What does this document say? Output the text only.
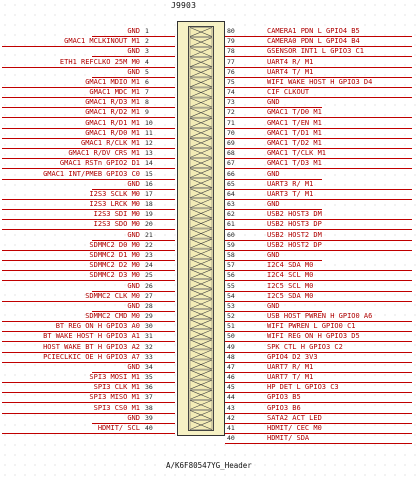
J9903
GND 1
GMAC1 MCLKINOUT M1 2
GND 3
ETH1 REFCLKO 25M M0 4
GND 5
GMAC1 MDIO M1 6
GMAC1 MDC M1 7
GMAC1 R/D3 M1 8
GMAC1 R/D2 M1 9
GMAC1 R/D1 M1 10
GMAC1 R/D0 M1 11
GMAC1 R/CLK M1 12
GMAC1 R/DV CRS M1 13
GMAC1 RSTn GPIO2 D1 14
GMAC1 INT/PMEB GPIO3 C0 15
GND 16
I2S3 SCLK M0 17
I2S3 LRCK M0 18
I2S3 SDI M0 19
I2S3 SDO M0 20
GND 21
SDMMC2 D0 M0 22
SDMMC2 D1 M0 23
SDMMC2 D2 M0 24
SDMMC2 D3 M0 25
GND 26
SDMMC2 CLK M0 27
GND 28
SDMMC2 CMD M0 29
BT REG ON H GPIO3 A0 30
BT WAKE HOST H GPIO3 A1 31
HOST WAKE BT H GPIO3 A2 32
PCIECLKIC OE H GPIO3 A7 33
GND 34
SPI3 MOSI M1 35
SPI3 CLK M1 36
SPI3 MISO M1 37
SPI3 CS0 M1 38
GND 39
HDMIT/ SCL 40
80	CAMERA1 PDN L GPIO4 B5
79	CAMERA0 PDN L GPIO4 B4
78	GSENSOR INT1 L GPIO3 C1
77	UART4 R/ M1
76	UART4 T/ M1
75	WIFI WAKE HOST H GPIO3 D4
74	CIF CLKOUT
73	GND
72	GMAC1 T/D0 M1
71	GMAC1 T/EN M1
70	GMAC1 T/D1 M1
69	GMAC1 T/D2 M1
68	GMAC1 T/CLK M1
67	GMAC1 T/D3 M1
66	GND
65	UART3 R/ M1
64	UART3 T/ M1
63	GND
62	USB2 HOST3 DM
61	USB2 HOST3 DP
60	USB2 HOST2 DM
59	USB2 HOST2 DP
58	GND
57	I2C4 SDA M0
56	I2C4 SCL M0
55	I2C5 SCL M0
54	I2C5 SDA M0
53	GND
52	USB HOST PWREN H GPIO0 A6
51	WIFI PWREN L GPIO0 C1
50	WIFI REG ON H GPIO3 D5
49	SPK CTL H GPIO3 C2
48	GPIO4 D2 3V3
47	UART7 R/ M1
46	UART7 T/ M1
45	HP DET L GPIO3 C3
44	GPIO3 B5
43	GPIO3 B6
42	SATA2 ACT LED
41	HDMIT/ CEC M0
40	HDMIT/ SDA
A/K6F80547YG_Header
